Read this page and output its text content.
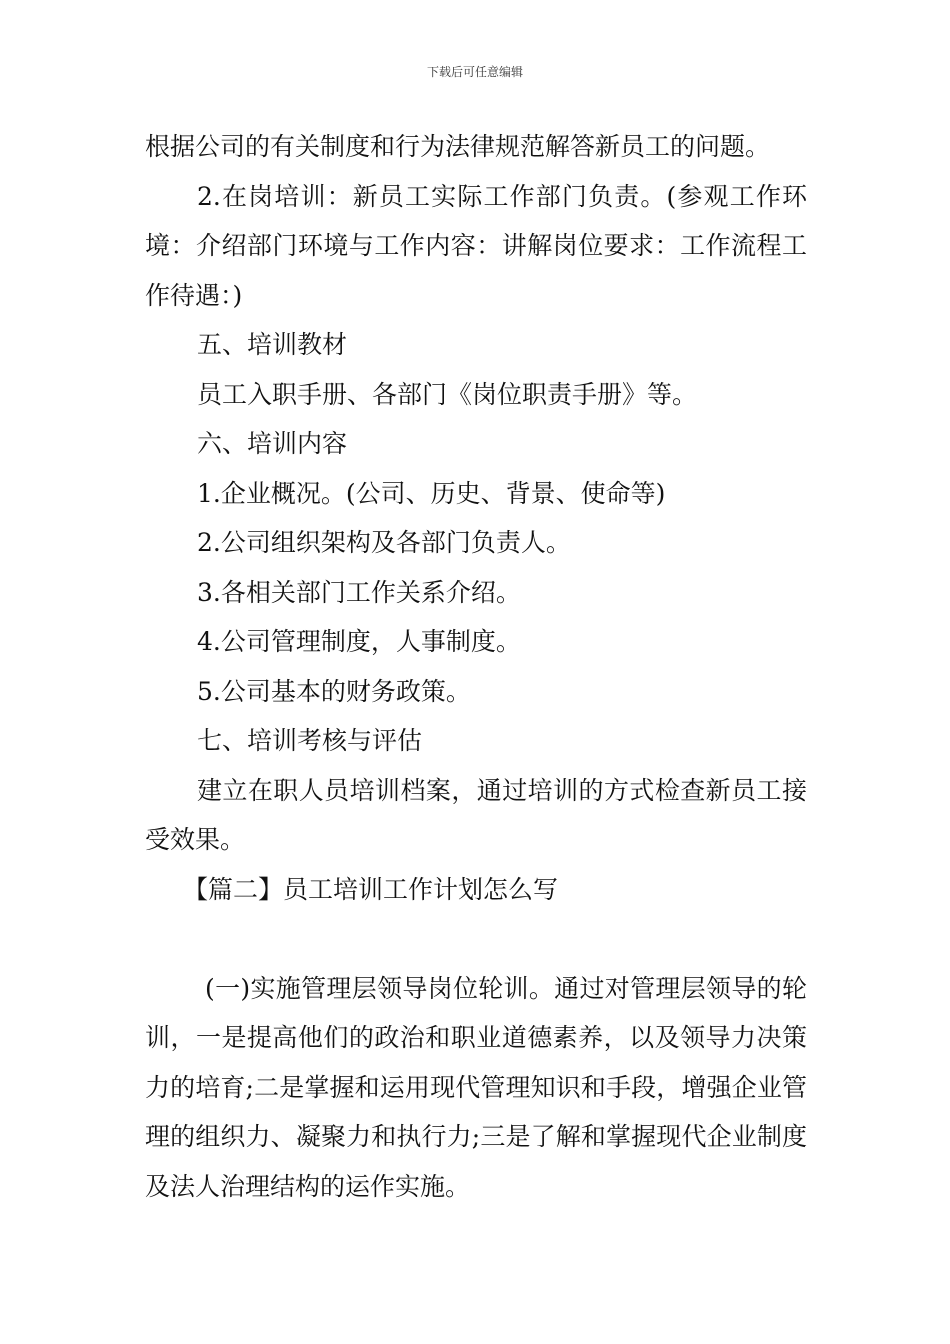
下载后可任意编辑

根据公司的有关制度和行为法律规范解答新员工的问题。

2.在岗培训：新员工实际工作部门负责。(参观工作环境：介绍部门环境与工作内容：讲解岗位要求：工作流程工作待遇：)

五、培训教材

员工入职手册、各部门《岗位职责手册》等。

六、培训内容

1.企业概况。(公司、历史、背景、使命等)

2.公司组织架构及各部门负责人。

3.各相关部门工作关系介绍。

4.公司管理制度，人事制度。

5.公司基本的财务政策。

七、培训考核与评估

建立在职人员培训档案，通过培训的方式检查新员工接受效果。

【篇二】员工培训工作计划怎么写

(一)实施管理层领导岗位轮训。通过对管理层领导的轮训，一是提高他们的政治和职业道德素养，以及领导力决策力的培育;二是掌握和运用现代管理知识和手段，增强企业管理的组织力、凝聚力和执行力;三是了解和掌握现代企业制度及法人治理结构的运作实施。
